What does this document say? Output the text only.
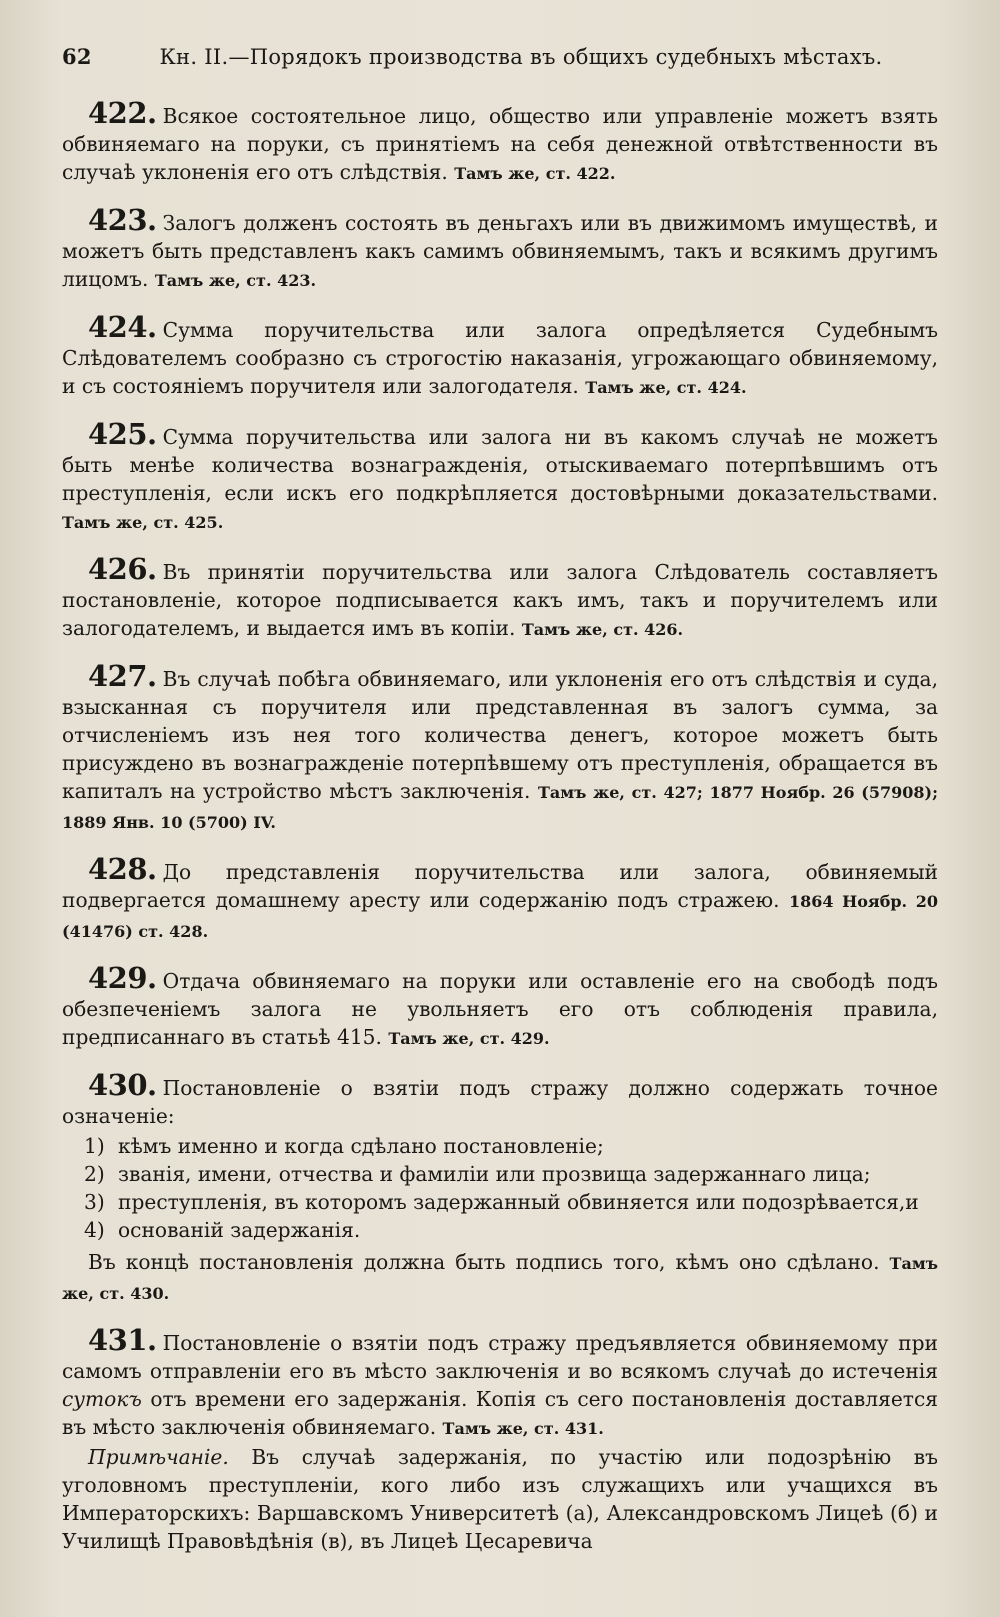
62	Кн. II.—Порядокъ производства въ общихъ судебныхъ мѣстахъ.

422. Всякое состоятельное лицо, общество или управленіе можетъ взять обвиняемаго на поруки, съ принятіемъ на себя денежной отвѣтственности въ случаѣ уклоненія его отъ слѣдствія. Тамъ же, ст. 422.

423. Залогъ долженъ состоять въ деньгахъ или въ движимомъ имуществѣ, и можетъ быть представленъ какъ самимъ обвиняемымъ, такъ и всякимъ другимъ лицомъ. Тамъ же, ст. 423.

424. Сумма поручительства или залога опредѣляется Судебнымъ Слѣдователемъ сообразно съ строгостію наказанія, угрожающаго обвиняемому, и съ состояніемъ поручителя или залогодателя. Тамъ же, ст. 424.

425. Сумма поручительства или залога ни въ какомъ случаѣ не можетъ быть менѣе количества вознагражденія, отыскиваемаго потерпѣвшимъ отъ преступленія, если искъ его подкрѣпляется достовѣрными доказательствами. Тамъ же, ст. 425.

426. Въ принятіи поручительства или залога Слѣдователь составляетъ постановленіе, которое подписывается какъ имъ, такъ и поручителемъ или залогодателемъ, и выдается имъ въ копіи. Тамъ же, ст. 426.

427. Въ случаѣ побѣга обвиняемаго, или уклоненія его отъ слѣдствія и суда, взысканная съ поручителя или представленная въ залогъ сумма, за отчисленіемъ изъ нея того количества денегъ, которое можетъ быть присуждено въ вознагражденіе потерпѣвшему отъ преступленія, обращается въ капиталъ на устройство мѣстъ заключенія. Тамъ же, ст. 427; 1877 Ноябр. 26 (57908); 1889 Янв. 10 (5700) IV.

428. До представленія поручительства или залога, обвиняемый подвергается домашнему аресту или содержанію подъ стражею. 1864 Ноябр. 20 (41476) ст. 428.

429. Отдача обвиняемаго на поруки или оставленіе его на свободѣ подъ обезпеченіемъ залога не увольняетъ его отъ соблюденія правила, предписаннаго въ статьѣ 415. Тамъ же, ст. 429.

430. Постановленіе о взятіи подъ стражу должно содержать точное означеніе:

1) кѣмъ именно и когда сдѣлано постановленіе;
2) званія, имени, отчества и фамиліи или прозвища задержаннаго лица;
3) преступленія, въ которомъ задержанный обвиняется или подозрѣвается,и
4) основаній задержанія.

Въ концѣ постановленія должна быть подпись того, кѣмъ оно сдѣлано. Тамъ же, ст. 430.

431. Постановленіе о взятіи подъ стражу предъявляется обвиняемому при самомъ отправленіи его въ мѣсто заключенія и во всякомъ случаѣ до истеченія сутокъ отъ времени его задержанія. Копія съ сего постановленія доставляется въ мѣсто заключенія обвиняемаго. Тамъ же, ст. 431.

Примѣчаніе. Въ случаѣ задержанія, по участію или подозрѣнію въ уголовномъ преступленіи, кого либо изъ служащихъ или учащихся въ Императорскихъ: Варшавскомъ Университетѣ (а), Александровскомъ Лицеѣ (б) и Училищѣ Правовѣдѣнія (в), въ Лицеѣ Цесаревича
